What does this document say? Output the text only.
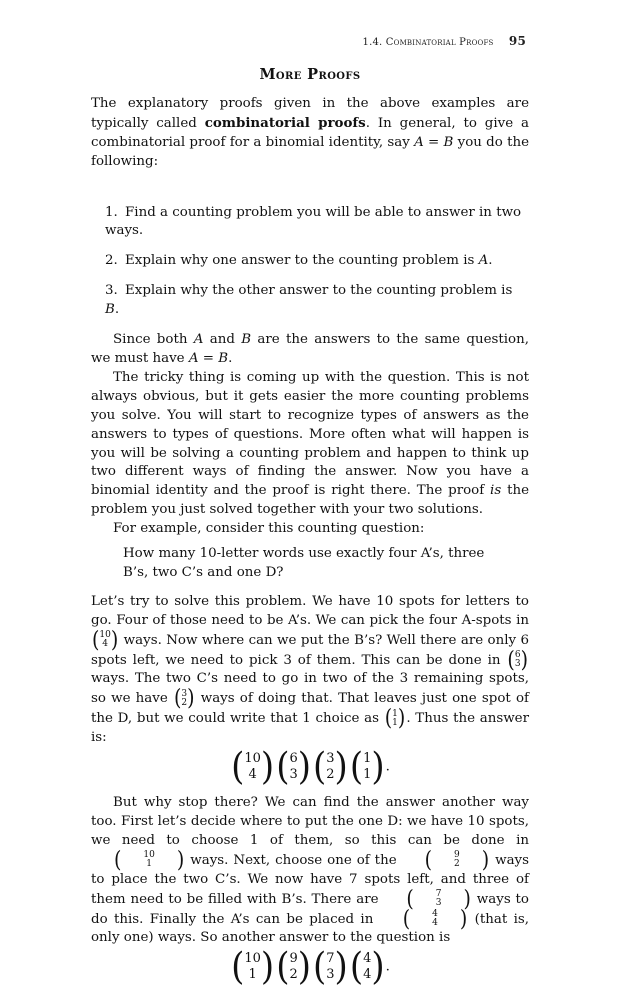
1.4. Combinatorial Proofs 95
More Proofs

The explanatory proofs given in the above examples are typically called combinatorial proofs. In general, to give a combinatorial proof for a binomial identity, say A = B you do the following:

1. Find a counting problem you will be able to answer in two ways.
2. Explain why one answer to the counting problem is A.
3. Explain why the other answer to the counting problem is B.

Since both A and B are the answers to the same question, we must have A = B.

The tricky thing is coming up with the question. This is not always obvious, but it gets easier the more counting problems you solve. You will start to recognize types of answers as the answers to types of questions. More often what will happen is you will be solving a counting problem and happen to think up two different ways of finding the answer. Now you have a binomial identity and the proof is right there. The proof is the problem you just solved together with your two solutions.

For example, consider this counting question:

How many 10-letter words use exactly four A’s, three B’s, two C’s and one D?

Let’s try to solve this problem. We have 10 spots for letters to go. Four of those need to be A’s. We can pick the four A-spots in
( 10
4 ) ways. Now where can we put the B’s? Well there are only 6 spots left, we need to pick 3 of them. This can be done in ( 6
3 )
ways. The two C’s need to go in two of the 3 remaining spots, so we have ( 3
2 ) ways of doing that. That leaves just one spot of the D, but we could write that 1 choice as ( 1
1 ) . Thus the answer is:

( 10
4 ) ( 6
3 ) ( 3
2 ) ( 1
1 ) .

But why stop there? We can find the answer another way too. First let’s decide where to put the one D: we have 10 spots, we need to choose 1 of them, so this can be done in
(	10
1	) ways. Next, choose one of the	(	9
2	) ways to place the two C’s. We now have 7 spots left, and three of them need to be filled with B’s. There are	(	7
3	) ways to do this. Finally the A’s can be placed in	(	4
4	) (that is, only one) ways. So another answer to the question is

( 10
1 ) ( 9
2 ) ( 7
3 ) ( 4
4 ) .
